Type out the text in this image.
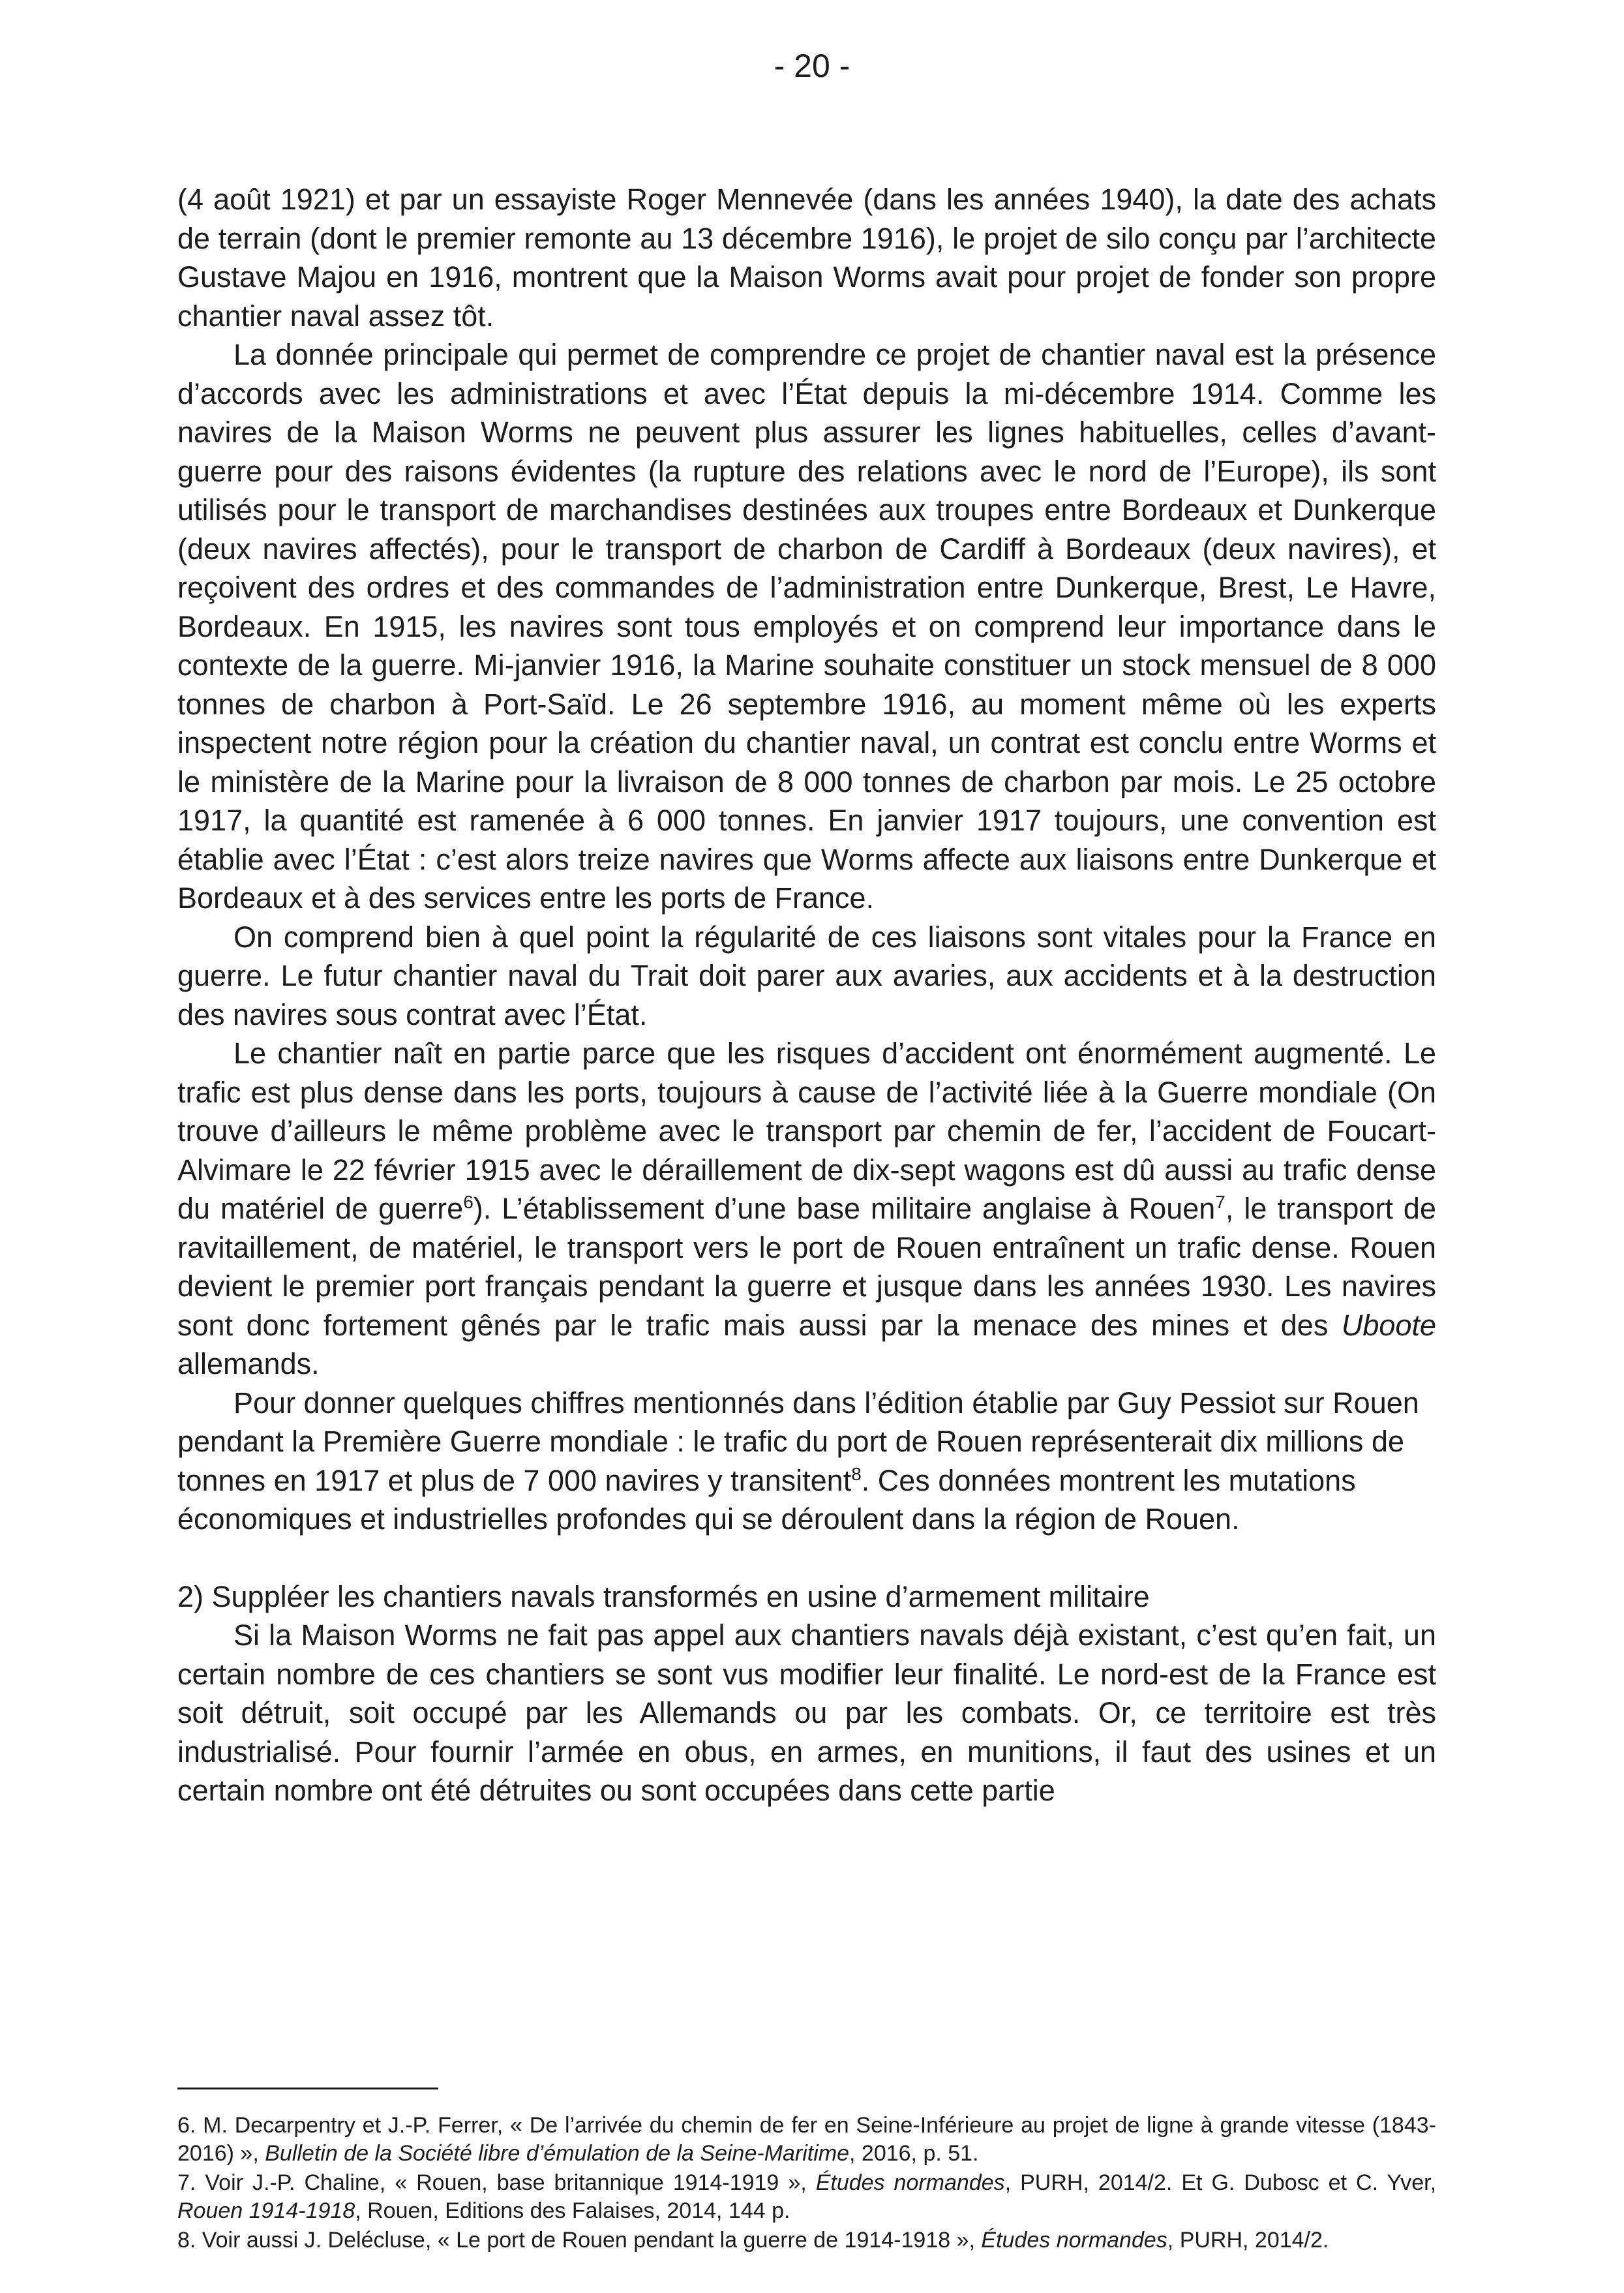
- 20 -

(4 août 1921) et par un essayiste Roger Mennevée (dans les années 1940), la date des achats de terrain (dont le premier remonte au 13 décembre 1916), le projet de silo conçu par l’architecte Gustave Majou en 1916, montrent que la Maison Worms avait pour projet de fonder son propre chantier naval assez tôt.

La donnée principale qui permet de comprendre ce projet de chantier naval est la présence d’accords avec les administrations et avec l’État depuis la mi-décembre 1914. Comme les navires de la Maison Worms ne peuvent plus assurer les lignes habituelles, celles d’avant-guerre pour des raisons évidentes (la rupture des relations avec le nord de l’Europe), ils sont utilisés pour le transport de marchandises destinées aux troupes entre Bordeaux et Dunkerque (deux navires affectés), pour le transport de charbon de Cardiff à Bordeaux (deux navires), et reçoivent des ordres et des commandes de l’administration entre Dunkerque, Brest, Le Havre, Bordeaux. En 1915, les navires sont tous employés et on comprend leur importance dans le contexte de la guerre. Mi-janvier 1916, la Marine souhaite constituer un stock mensuel de 8 000 tonnes de charbon à Port-Saïd. Le 26 septembre 1916, au moment même où les experts inspectent notre région pour la création du chantier naval, un contrat est conclu entre Worms et le ministère de la Marine pour la livraison de 8 000 tonnes de charbon par mois. Le 25 octobre 1917, la quantité est ramenée à 6 000 tonnes. En janvier 1917 toujours, une convention est établie avec l’État : c’est alors treize navires que Worms affecte aux liaisons entre Dunkerque et Bordeaux et à des services entre les ports de France.

On comprend bien à quel point la régularité de ces liaisons sont vitales pour la France en guerre. Le futur chantier naval du Trait doit parer aux avaries, aux accidents et à la destruction des navires sous contrat avec l’État.

Le chantier naît en partie parce que les risques d’accident ont énormément augmenté. Le trafic est plus dense dans les ports, toujours à cause de l’activité liée à la Guerre mondiale (On trouve d’ailleurs le même problème avec le transport par chemin de fer, l’accident de Foucart-Alvimare le 22 février 1915 avec le déraillement de dix-sept wagons est dû aussi au trafic dense du matériel de guerre$^6$). L’établissement d’une base militaire anglaise à Rouen$^7$, le transport de ravitaillement, de matériel, le transport vers le port de Rouen entraînent un trafic dense. Rouen devient le premier port français pendant la guerre et jusque dans les années 1930. Les navires sont donc fortement gênés par le trafic mais aussi par la menace des mines et des Uboote allemands.

Pour donner quelques chiffres mentionnés dans l’édition établie par Guy Pessiot sur Rouen pendant la Première Guerre mondiale : le trafic du port de Rouen représenterait dix millions de tonnes en 1917 et plus de 7 000 navires y transitent$^8$. Ces données montrent les mutations économiques et industrielles profondes qui se déroulent dans la région de Rouen.

2) Suppléer les chantiers navals transformés en usine d’armement militaire

Si la Maison Worms ne fait pas appel aux chantiers navals déjà existant, c’est qu’en fait, un certain nombre de ces chantiers se sont vus modifier leur finalité. Le nord-est de la France est soit détruit, soit occupé par les Allemands ou par les combats. Or, ce territoire est très industrialisé. Pour fournir l’armée en obus, en armes, en munitions, il faut des usines et un certain nombre ont été détruites ou sont occupées dans cette partie

6. M. Decarpentry et J.-P. Ferrer, « De l’arrivée du chemin de fer en Seine-Inférieure au projet de ligne à grande vitesse (1843-2016) », Bulletin de la Société libre d’émulation de la Seine-Maritime, 2016, p. 51.

7. Voir J.-P. Chaline, « Rouen, base britannique 1914-1919 », Études normandes, PURH, 2014/2. Et G. Dubosc et C. Yver, Rouen 1914-1918, Rouen, Editions des Falaises, 2014, 144 p.

8. Voir aussi J. Delécluse, « Le port de Rouen pendant la guerre de 1914-1918 », Études normandes, PURH, 2014/2.
